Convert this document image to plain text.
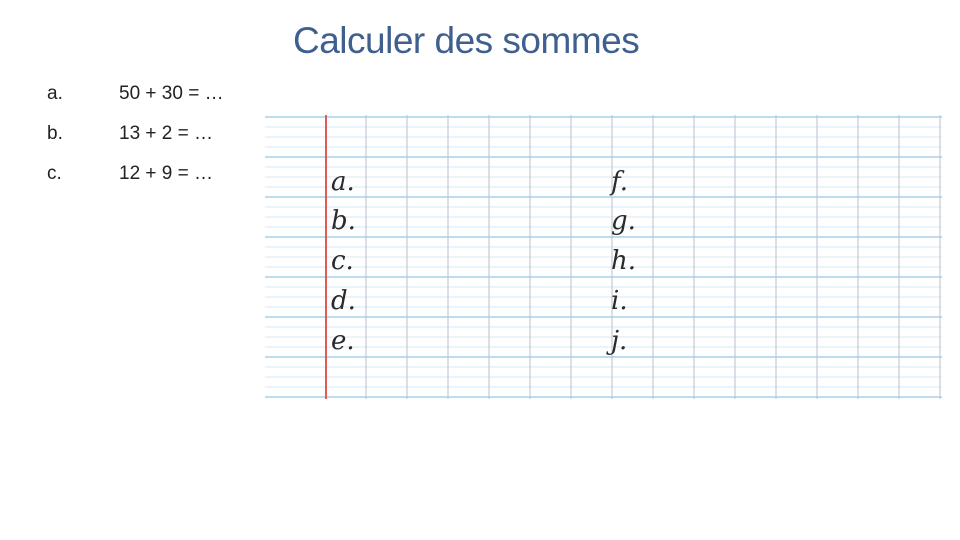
Calculer des sommes
a.	50 + 30 = …
b.	13 + 2 = …
c.	12 + 9 = …	a.
b.
c.
d.
e.
f.
g.
h.
i.
j.
